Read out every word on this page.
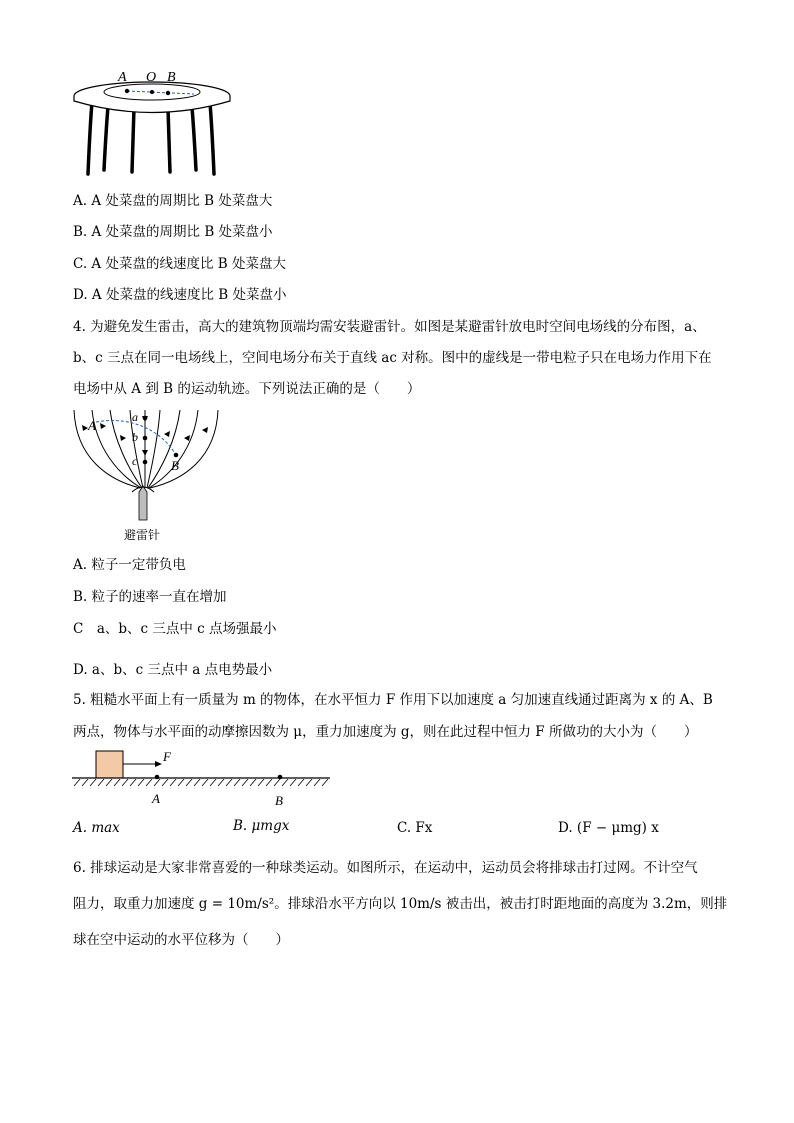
A O B
A. A 处菜盘的周期比 B 处菜盘大
B. A 处菜盘的周期比 B 处菜盘小
C. A 处菜盘的线速度比 B 处菜盘大
D. A 处菜盘的线速度比 B 处菜盘小
4. 为避免发生雷击，高大的建筑物顶端均需安装避雷针。如图是某避雷针放电时空间电场线的分布图，a、
b、c 三点在同一电场线上，空间电场分布关于直线 ac 对称。图中的虚线是一带电粒子只在电场力作用下在
电场中从 A 到 B 的运动轨迹。下列说法正确的是（　　）
a
b
c
A
B
避雷针
A. 粒子一定带负电
B. 粒子的速率一直在增加
C　a、b、c 三点中 c 点场强最小
D. a、b、c 三点中 a 点电势最小
5. 粗糙水平面上有一质量为 m 的物体，在水平恒力 F 作用下以加速度 a 匀加速直线通过距离为 x 的 A、B
两点，物体与水平面的动摩擦因数为 μ，重力加速度为 g，则在此过程中恒力 F 所做功的大小为（　　）
F
A	B
A. max	B. μmgx	C. Fx	D. (F − μmg) x
6. 排球运动是大家非常喜爱的一种球类运动。如图所示，在运动中，运动员会将排球击打过网。不计空气
阻力，取重力加速度 g = 10m/s²。排球沿水平方向以 10m/s 被击出，被击打时距地面的高度为 3.2m，则排
球在空中运动的水平位移为（　　）
